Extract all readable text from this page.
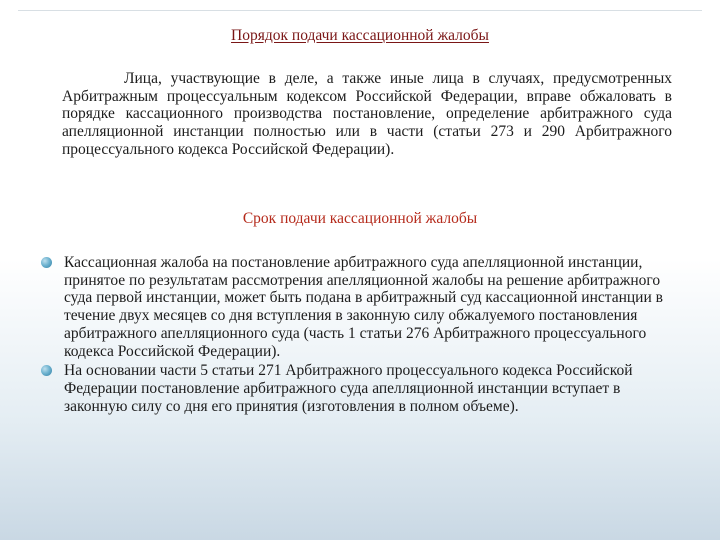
Порядок подачи кассационной жалобы

Лица, участвующие в деле, а также иные лица в случаях, предусмотренных Арбитражным процессуальным кодексом Российской Федерации, вправе обжаловать в порядке кассационного производства постановление, определение арбитражного суда апелляционной инстанции полностью или в части (статьи 273 и 290 Арбитражного процессуального кодекса Российской Федерации).

Срок подачи кассационной жалобы
Кассационная жалоба на постановление арбитражного суда апелляционной инстанции, принятое по результатам рассмотрения апелляционной жалобы на решение арбитражного суда первой инстанции, может быть подана в арбитражный суд кассационной инстанции в течение двух месяцев со дня вступления в законную силу обжалуемого постановления арбитражного апелляционного суда (часть 1 статьи 276 Арбитражного процессуального кодекса Российской Федерации).
На основании части 5 статьи 271 Арбитражного процессуального кодекса Российской Федерации постановление арбитражного суда апелляционной инстанции вступает в законную силу со дня его принятия (изготовления в полном объеме).
